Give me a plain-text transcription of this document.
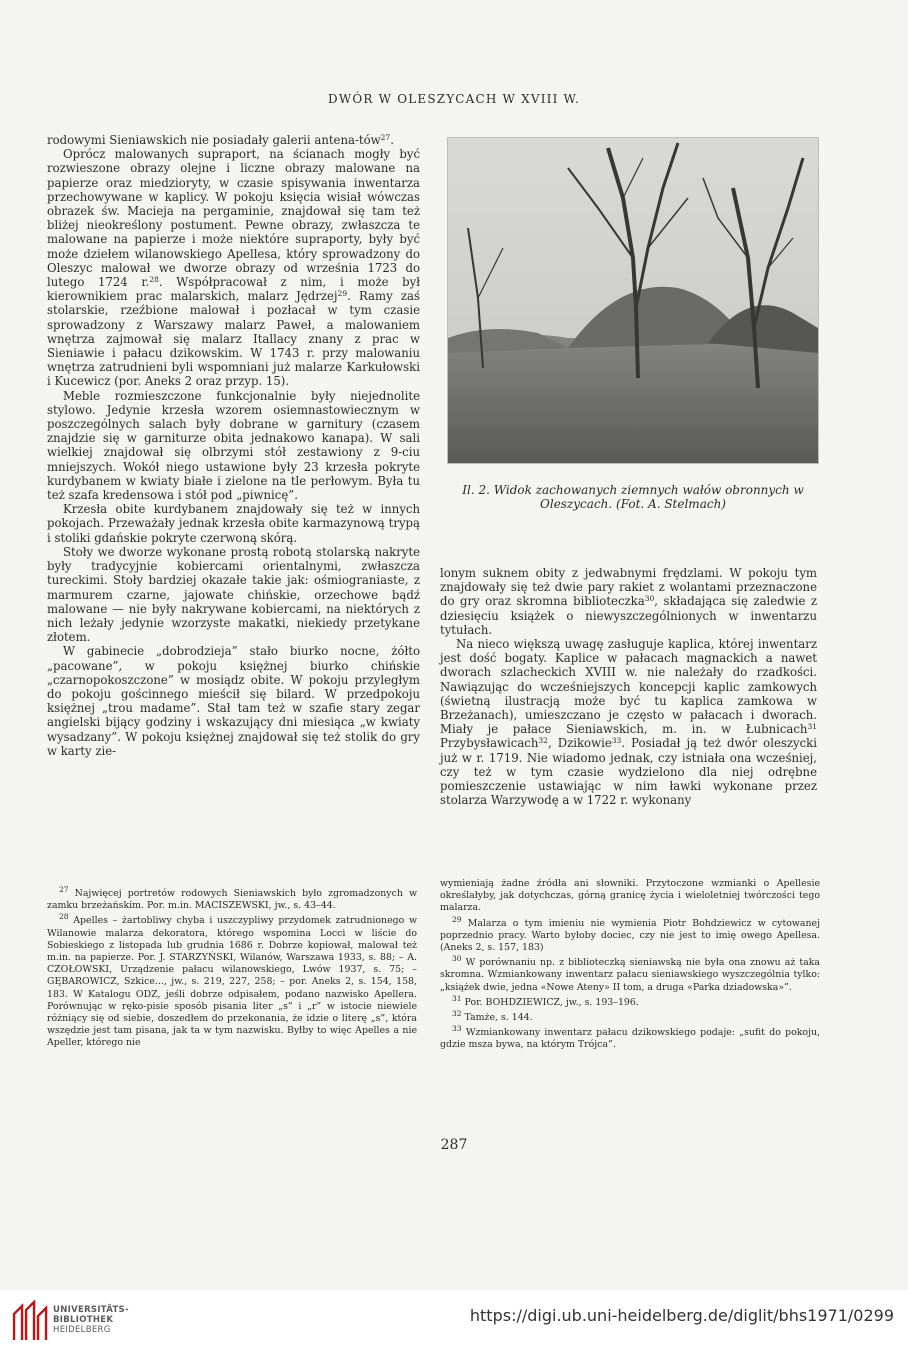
DWÓR W OLESZYCACH W XVIII W.

rodowymi Sieniawskich nie posiadały galerii antena-tów$^{27}$.

Oprócz malowanych supraport, na ścianach mogły być rozwieszone obrazy olejne i liczne obrazy malowane na papierze oraz miedzioryty, w czasie spisywania inwentarza przechowywane w kaplicy. W pokoju księcia wisiał wówczas obrazek św. Macieja na pergaminie, znajdował się tam też bliżej nieokreślony postument. Pewne obrazy, zwłaszcza te malowane na papierze i może niektóre supraporty, były być może dziełem wilanowskiego Apellesa, który sprowadzony do Oleszyc malował we dworze obrazy od września 1723 do lutego 1724 r.$^{28}$. Współpracował z nim, i może był kierownikiem prac malarskich, malarz Jędrzej$^{29}$. Ramy zaś stolarskie, rzeźbione malował i pozłacał w tym czasie sprowadzony z Warszawy malarz Paweł, a malowaniem wnętrza zajmował się malarz Itallacy znany z prac w Sieniawie i pałacu dzikowskim. W 1743 r. przy malowaniu wnętrza zatrudnieni byli wspomniani już malarze Karkułowski i Kucewicz (por. Aneks 2 oraz przyp. 15).

Meble rozmieszczone funkcjonalnie były niejednolite stylowo. Jedynie krzesła wzorem osiemnastowiecznym w poszczególnych salach były dobrane w garnitury (czasem znajdzie się w garniturze obita jednakowo kanapa). W sali wielkiej znajdował się olbrzymi stół zestawiony z 9-ciu mniejszych. Wokół niego ustawione były 23 krzesła pokryte kurdybanem w kwiaty białe i zielone na tle perłowym. Była tu też szafa kredensowa i stół pod „piwnicę”.

Krzesła obite kurdybanem znajdowały się też w innych pokojach. Przeważały jednak krzesła obite karmazynową trypą i stoliki gdańskie pokryte czerwoną skórą.

Stoły we dworze wykonane prostą robotą stolarską nakryte były tradycyjnie kobiercami orientalnymi, zwłaszcza tureckimi. Stoły bardziej okazałe takie jak: ośmiograniaste, z marmurem czarne, jajowate chińskie, orzechowe bądź malowane — nie były nakrywane kobiercami, na niektórych z nich leżały jedynie wzorzyste makatki, niekiedy przetykane złotem.

W gabinecie „dobrodzieja” stało biurko nocne, żółto „pacowane”, w pokoju księżnej biurko chińskie „czarnopokoszczone” w mosiądz obite. W pokoju przyległym do pokoju gościnnego mieścił się bilard. W przedpokoju księżnej „trou madame”. Stał tam też w szafie stary zegar angielski bijący godziny i wskazujący dni miesiąca „w kwiaty wysadzany”. W pokoju księżnej znajdował się też stolik do gry w karty zie-

Il. 2. Widok zachowanych ziemnych wałów obronnych w Oleszycach. (Fot. A. Stelmach)

lonym suknem obity z jedwabnymi frędzlami. W pokoju tym znajdowały się też dwie pary rakiet z wolantami przeznaczone do gry oraz skromna biblioteczka$^{30}$, składająca się zaledwie z dziesięciu książek o niewyszczególnionych w inwentarzu tytułach.

Na nieco większą uwagę zasługuje kaplica, której inwentarz jest dość bogaty. Kaplice w pałacach magnackich a nawet dworach szlacheckich XVIII w. nie należały do rzadkości. Nawiązując do wcześniejszych koncepcji kaplic zamkowych (świetną ilustracją może być tu kaplica zamkowa w Brzeżanach), umieszczano je często w pałacach i dworach. Miały je pałace Sieniawskich, m. in. w Łubnicach$^{31}$ Przybysławicach$^{32}$, Dzikowie$^{33}$. Posiadał ją też dwór oleszycki już w r. 1719. Nie wiadomo jednak, czy istniała ona wcześniej, czy też w tym czasie wydzielono dla niej odrębne pomieszczenie ustawiając w nim ławki wykonane przez stolarza Warzywodę a w 1722 r. wykonany

$^{27}$ Najwięcej portretów rodowych Sieniawskich było zgromadzonych w zamku brzeżańskim. Por. m.in. MACISZEWSKI, jw., s. 43–44.

$^{28}$ Apelles – żartobliwy chyba i uszczypliwy przydomek zatrudnionego w Wilanowie malarza dekoratora, którego wspomina Locci w liście do Sobieskiego z listopada lub grudnia 1686 r. Dobrze kopiował, malował też m.in. na papierze. Por. J. STARZYŃSKI, Wilanów, Warszawa 1933, s. 88; – A. CZOŁOWSKI, Urządzenie pałacu wilanowskiego, Lwów 1937, s. 75; – GĘBAROWICZ, Szkice..., jw., s. 219, 227, 258; – por. Aneks 2, s. 154, 158, 183. W Katalogu ODZ, jeśli dobrze odpisałem, podano nazwisko Apellera. Porównując w ręko-pisie sposób pisania liter „s” i „r” w istocie niewiele różniący się od siebie, doszedłem do przekonania, że idzie o literę „s”, która wszędzie jest tam pisana, jak ta w tym nazwisku. Byłby to więc Apelles a nie Apeller, którego nie

wymieniają żadne źródła ani słowniki. Przytoczone wzmianki o Apellesie określałyby, jak dotychczas, górną granicę życia i wieloletniej twórczości tego malarza.

$^{29}$ Malarza o tym imieniu nie wymienia Piotr Bohdziewicz w cytowanej poprzednio pracy. Warto byłoby dociec, czy nie jest to imię owego Apellesa. (Aneks 2, s. 157, 183)

$^{30}$ W porównaniu np. z biblioteczką sieniawską nie była ona znowu aż taka skromna. Wzmiankowany inwentarz pałacu sieniawskiego wyszczególnia tylko: „książek dwie, jedna «Nowe Ateny» II tom, a druga «Parka dziadowska»”.

$^{31}$ Por. BOHDZIEWICZ, jw., s. 193–196.

$^{32}$ Tamże, s. 144.

$^{33}$ Wzmiankowany inwentarz pałacu dzikowskiego podaje: „sufit do pokoju, gdzie msza bywa, na którym Trójca”.

287
UNIVERSITÄTS-
BIBLIOTHEK
HEIDELBERG
https://digi.ub.uni-heidelberg.de/diglit/bhs1971/0299
